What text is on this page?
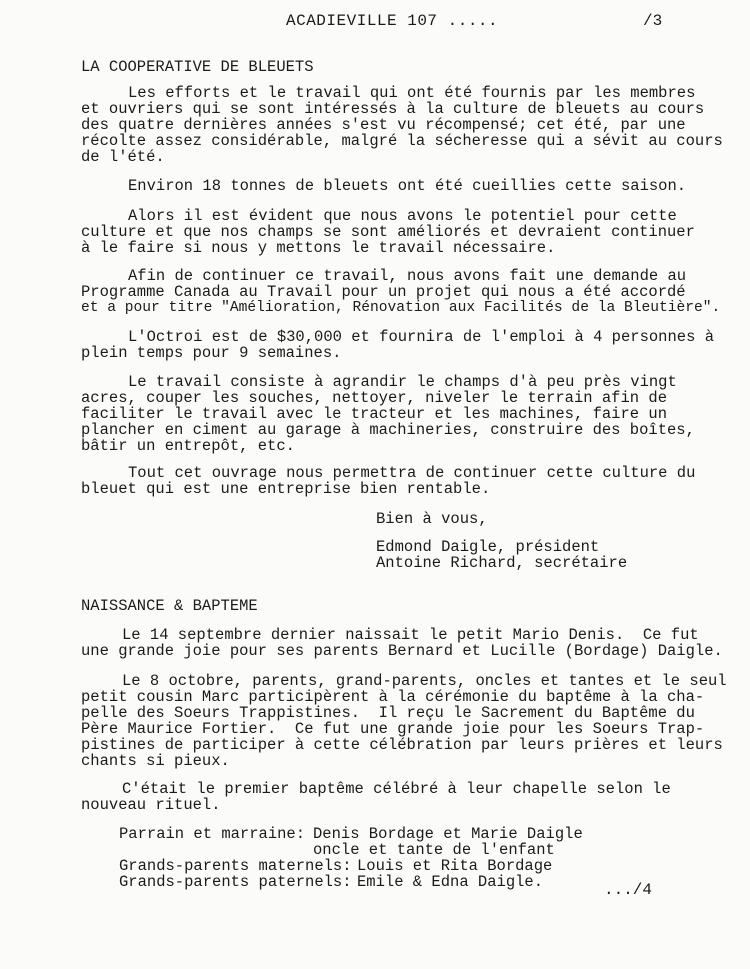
ACADIEVILLE 107 .....	/3
LA COOPERATIVE DE BLEUETS
Les efforts et le travail qui ont été fournis par les membres
et ouvriers qui se sont intéressés à la culture de bleuets au cours
des quatre dernières années s'est vu récompensé; cet été, par une
récolte assez considérable, malgré la sécheresse qui a sévit au cours
de l'été.
Environ 18 tonnes de bleuets ont été cueillies cette saison.
Alors il est évident que nous avons le potentiel pour cette
culture et que nos champs se sont améliorés et devraient continuer
à le faire si nous y mettons le travail nécessaire.
Afin de continuer ce travail, nous avons fait une demande au
Programme Canada au Travail pour un projet qui nous a été accordé
et a pour titre "Amélioration, Rénovation aux Facilités de la Bleutière".
L'Octroi est de $30,000 et fournira de l'emploi à 4 personnes à
plein temps pour 9 semaines.
Le travail consiste à agrandir le champs d'à peu près vingt
acres, couper les souches, nettoyer, niveler le terrain afin de
faciliter le travail avec le tracteur et les machines, faire un
plancher en ciment au garage à machineries, construire des boîtes,
bâtir un entrepôt, etc.
Tout cet ouvrage nous permettra de continuer cette culture du
bleuet qui est une entreprise bien rentable.
Bien à vous,
Edmond Daigle, président
Antoine Richard, secrétaire
NAISSANCE & BAPTEME
Le 14 septembre dernier naissait le petit Mario Denis.  Ce fut
une grande joie pour ses parents Bernard et Lucille (Bordage) Daigle.
Le 8 octobre, parents, grand-parents, oncles et tantes et le seul
petit cousin Marc participèrent à la cérémonie du baptême à la cha-
pelle des Soeurs Trappistines.  Il reçu le Sacrement du Baptême du
Père Maurice Fortier.  Ce fut une grande joie pour les Soeurs Trap-
pistines de participer à cette célébration par leurs prières et leurs
chants si pieux.
C'était le premier baptême célébré à leur chapelle selon le
nouveau rituel.
Parrain et marraine: Denis Bordage et Marie Daigle
oncle et tante de l'enfant
Grands-parents maternels: Louis et Rita Bordage
Grands-parents paternels: Emile & Edna Daigle.	.../4
